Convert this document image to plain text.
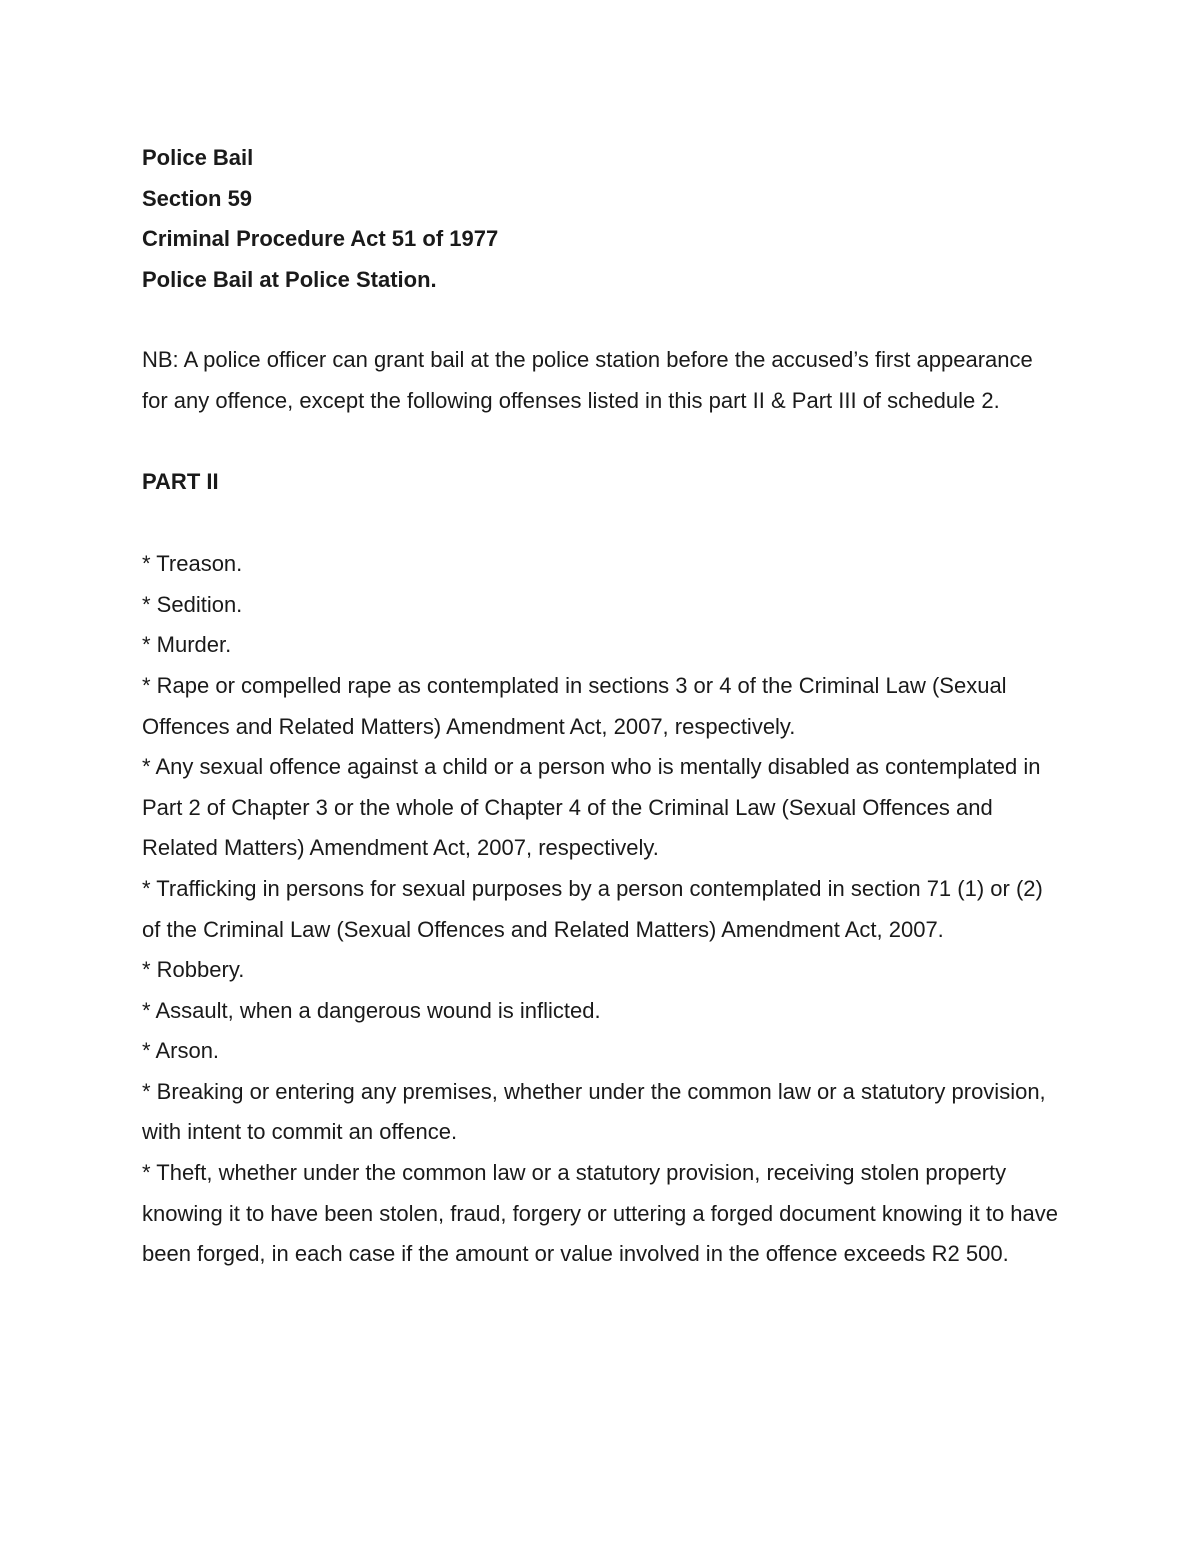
Police Bail

Section 59

Criminal Procedure Act 51 of 1977

Police Bail at Police Station.

NB: A police officer can grant bail at the police station before the accused’s first appearance for any offence, except the following offenses listed in this part II & Part III of schedule 2.

PART II

* Treason.
* Sedition.
* Murder.
* Rape or compelled rape as contemplated in sections 3 or 4 of the Criminal Law (Sexual Offences and Related Matters) Amendment Act, 2007, respectively.
* Any sexual offence against a child or a person who is mentally disabled as contemplated in Part 2 of Chapter 3 or the whole of Chapter 4 of the Criminal Law (Sexual Offences and Related Matters) Amendment Act, 2007, respectively.
* Trafficking in persons for sexual purposes by a person contemplated in section 71 (1) or (2) of the Criminal Law (Sexual Offences and Related Matters) Amendment Act, 2007.
* Robbery.
* Assault, when a dangerous wound is inflicted.
* Arson.
* Breaking or entering any premises, whether under the common law or a statutory provision, with intent to commit an offence.
* Theft, whether under the common law or a statutory provision, receiving stolen property knowing it to have been stolen, fraud, forgery or uttering a forged document knowing it to have been forged, in each case if the amount or value involved in the offence exceeds R2 500.
